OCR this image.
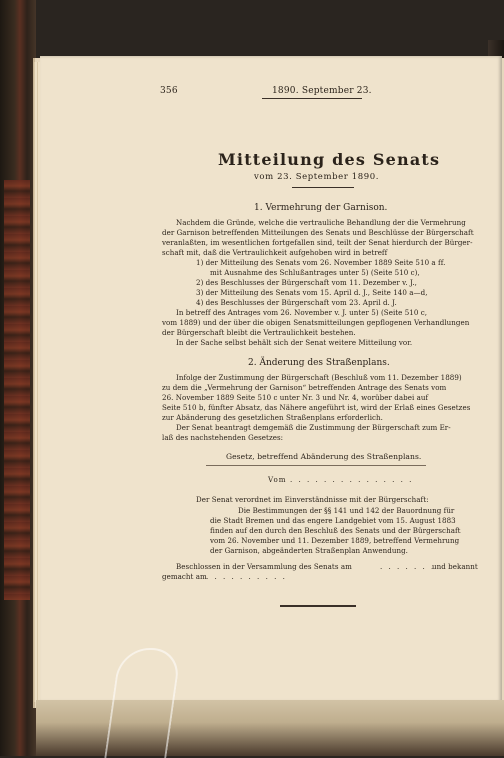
356	1890. September 23.
Mitteilung des Senats
vom 23. September 1890.
1. Vermehrung der Garnison.
Nachdem die Gründe, welche die vertrauliche Behandlung der die Vermehrung
der Garnison betreffenden Mitteilungen des Senats und Beschlüsse der Bürgerschaft
veranlaßten, im wesentlichen fortgefallen sind, teilt der Senat hierdurch der Bürger-
schaft mit, daß die Vertraulichkeit aufgehoben wird in betreff
1) der Mitteilung des Senats vom 26. November 1889 Seite 510 a ff.
mit Ausnahme des Schlußantrages unter 5) (Seite 510 c),
2) des Beschlusses der Bürgerschaft vom 11. Dezember v. J.,
3) der Mitteilung des Senats vom 15. April d. J., Seite 140 a—d,
4) des Beschlusses der Bürgerschaft vom 23. April d. J.
In betreff des Antrages vom 26. November v. J. unter 5) (Seite 510 c,
vom 1889) und der über die obigen Senatsmitteilungen gepflogenen Verhandlungen
der Bürgerschaft bleibt die Vertraulichkeit bestehen.
In der Sache selbst behält sich der Senat weitere Mitteilung vor.
2. Änderung des Straßenplans.
Infolge der Zustimmung der Bürgerschaft (Beschluß vom 11. Dezember 1889)
zu dem die „Vermehrung der Garnison“ betreffenden Antrage des Senats vom
26. November 1889 Seite 510 c unter Nr. 3 und Nr. 4, worüber dabei auf
Seite 510 b, fünfter Absatz, das Nähere angeführt ist, wird der Erlaß eines Gesetzes
zur Abänderung des gesetzlichen Straßenplans erforderlich.
Der Senat beantragt demgemäß die Zustimmung der Bürgerschaft zum Er-
laß des nachstehenden Gesetzes:
Gesetz, betreffend Abänderung des Straßenplans.
Vom . . . . . . . . . . . . . . .
Der Senat verordnet im Einverständnisse mit der Bürgerschaft:
Die Bestimmungen der §§ 141 und 142 der Bauordnung für
die Stadt Bremen und das engere Landgebiet vom 15. August 1883
finden auf den durch den Beschluß des Senats und der Bürgerschaft
vom 26. November und 11. Dezember 1889, betreffend Vermehrung
der Garnison, abgeänderten Straßenplan Anwendung.
Beschlossen in der Versammlung des Senats am	. . . . . . .
und bekannt
gemacht am . . . . . . . . . .
